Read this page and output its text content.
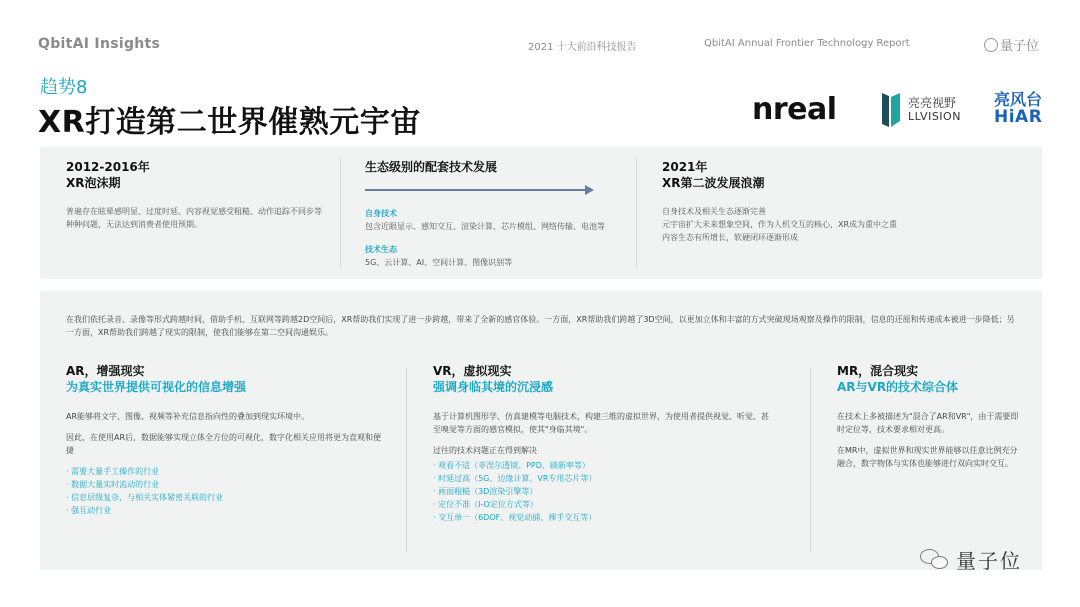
QbitAI Insights	2021 十大前沿科技报告	QbitAI Annual Frontier Technology Report	量子位
趋势8
XR打造第二世界催熟元宇宙	nreal	亮亮视野
LLVISION
亮风台
HiAR
2012-2016年
XR泡沫期
普遍存在眩晕感明显、过度时延、内容视觉感受粗糙、动作追踪不同步等种种问题，无法达到消费者使用预期。
生态级别的配套技术发展
自身技术
包含近眼显示、感知交互、渲染计算、芯片模组、网络传输、电池等
技术生态
5G、云计算、AI、空间计算、图像识别等
2021年
XR第二波发展浪潮
自身技术及相关生态逐渐完善
元宇宙扩大未来想象空间，作为人机交互的核心，XR成为重中之重
内容生态有所增长，软硬闭环逐渐形成
在我们依托录音、录像等形式跨越时间，借助手机、互联网等跨越2D空间后，XR帮助我们实现了进一步跨越，带来了全新的感官体验。一方面，XR帮助我们跨越了3D空间，以更加立体和丰富的方式突破现场观察及操作的限制，信息的还原和传递成本被进一步降低；另一方面，XR帮助我们跨越了现实的限制，使我们能够在第二空间沟通娱乐。
AR，增强现实
为真实世界提供可视化的信息增强

AR能够将文字、图像、视频等补充信息指向性的叠加到现实环境中。

因此，在使用AR后，数据能够实现立体全方位的可视化，数字化相关应用将更为直观和便捷

· 需要大量手工操作的行业
· 数据大量实时流动的行业
· 信息层级复杂，与相关实体紧密关联的行业
· 强互动行业
VR，虚拟现实
强调身临其境的沉浸感

基于计算机图形学、仿真建模等电脑技术，构建三维的虚拟世界，为使用者提供视觉、听觉、甚至嗅觉等方面的感官模拟，使其"身临其境"。

过往的技术问题正在得到解决

· 观看不适（菲涅尔透镜、PPD、刷新率等）
· 时延过高（5G、边缘计算、VR专用芯片等）
· 画面粗糙（3D渲染引擎等）
· 定位不准（I-O定位方式等）
· 交互单一（6DOF、视觉动捕、裸手交互等）
MR，混合现实
AR与VR的技术综合体

在技术上多被描述为"混合了AR和VR"，由于需要即时定位等，技术要求相对更高。

在MR中，虚拟世界和现实世界能够以任意比例充分融合，数字物体与实体也能够进行双向实时交互。

量子位
